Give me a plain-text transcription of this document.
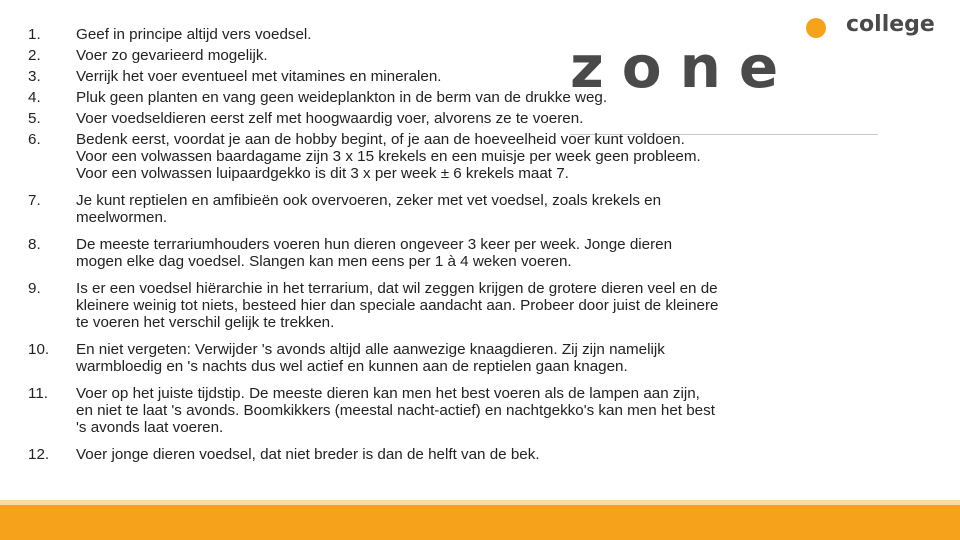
college
zone
1.	Geef in principe altijd vers voedsel.
2.	Voer zo gevarieerd mogelijk.
3.	Verrijk het voer eventueel met vitamines en mineralen.
4.	Pluk geen planten en vang geen weideplankton in de berm van de drukke weg.
5.	Voer voedseldieren eerst zelf met hoogwaardig voer, alvorens ze te voeren.
6.	Bedenk eerst, voordat je aan de hobby begint, of je aan de hoeveelheid voer kunt voldoen.
Voor een volwassen baardagame zijn 3 x 15 krekels en een muisje per week geen probleem.
Voor een volwassen luipaardgekko is dit 3 x per week ± 6 krekels maat 7.
7.	Je kunt reptielen en amfibieën ook overvoeren, zeker met vet voedsel, zoals krekels en
meelwormen.
8.	De meeste terrariumhouders voeren hun dieren ongeveer 3 keer per week. Jonge dieren
mogen elke dag voedsel. Slangen kan men eens per 1 à 4 weken voeren.
9.	Is er een voedsel hiërarchie in het terrarium, dat wil zeggen krijgen de grotere dieren veel en de
kleinere weinig tot niets, besteed hier dan speciale aandacht aan. Probeer door juist de kleinere
te voeren het verschil gelijk te trekken.
10.	En niet vergeten: Verwijder 's avonds altijd alle aanwezige knaagdieren. Zij zijn namelijk
warmbloedig en 's nachts dus wel actief en kunnen aan de reptielen gaan knagen.
11.	Voer op het juiste tijdstip. De meeste dieren kan men het best voeren als de lampen aan zijn,
en niet te laat 's avonds. Boomkikkers (meestal nacht‑actief) en nachtgekko's kan men het best
's avonds laat voeren.
12.	Voer jonge dieren voedsel, dat niet breder is dan de helft van de bek.
